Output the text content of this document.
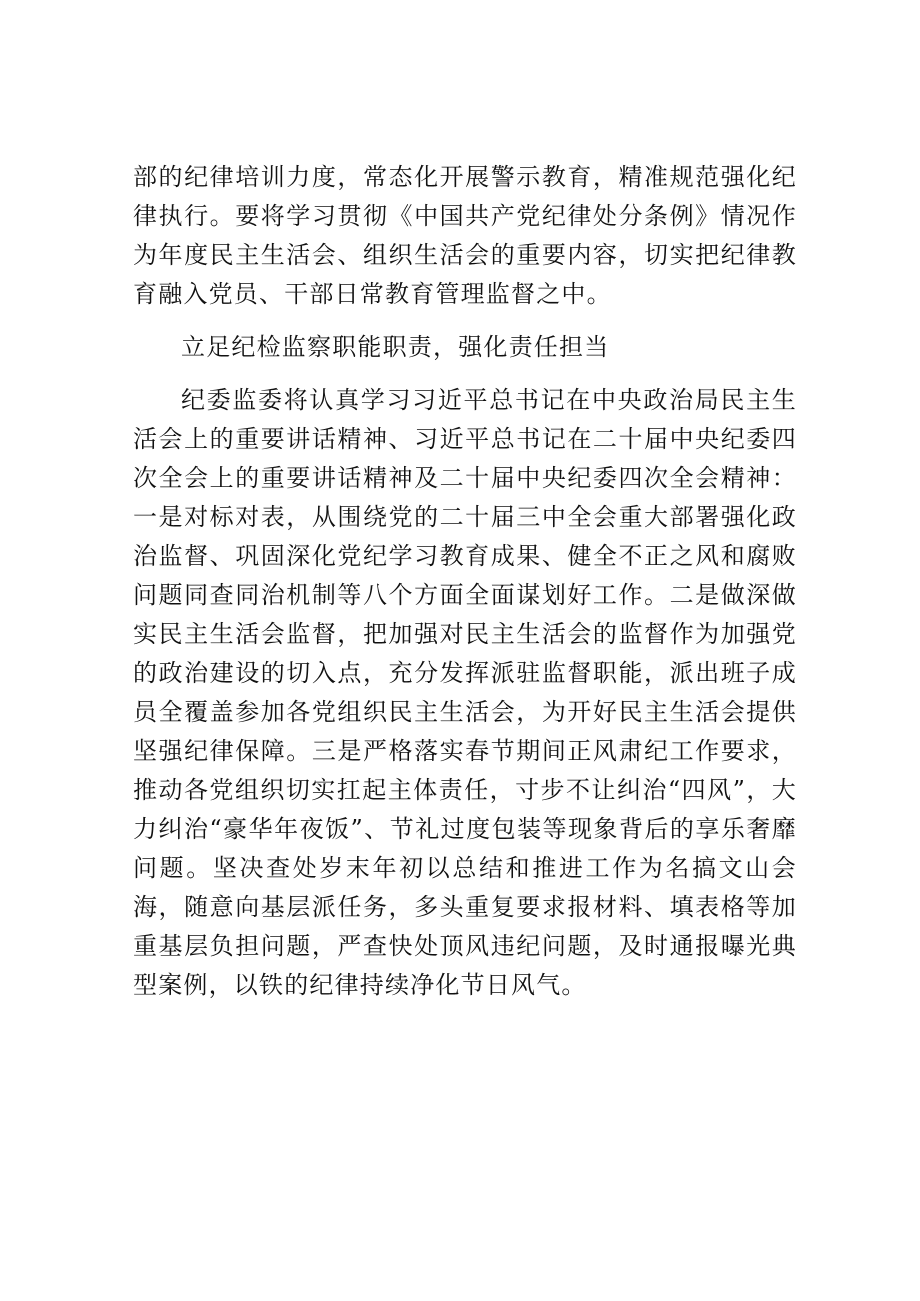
部的纪律培训力度，常态化开展警示教育，精准规范强化纪律执行。要将学习贯彻《中国共产党纪律处分条例》情况作为年度民主生活会、组织生活会的重要内容，切实把纪律教育融入党员、干部日常教育管理监督之中。

立足纪检监察职能职责，强化责任担当

纪委监委将认真学习习近平总书记在中央政治局民主生活会上的重要讲话精神、习近平总书记在二十届中央纪委四次全会上的重要讲话精神及二十届中央纪委四次全会精神：一是对标对表，从围绕党的二十届三中全会重大部署强化政治监督、巩固深化党纪学习教育成果、健全不正之风和腐败问题同查同治机制等八个方面全面谋划好工作。二是做深做实民主生活会监督，把加强对民主生活会的监督作为加强党的政治建设的切入点，充分发挥派驻监督职能，派出班子成员全覆盖参加各党组织民主生活会，为开好民主生活会提供坚强纪律保障。三是严格落实春节期间正风肃纪工作要求，推动各党组织切实扛起主体责任，寸步不让纠治“四风”，大力纠治“豪华年夜饭”、节礼过度包装等现象背后的享乐奢靡问题。坚决查处岁末年初以总结和推进工作为名搞文山会海，随意向基层派任务，多头重复要求报材料、填表格等加重基层负担问题，严查快处顶风违纪问题，及时通报曝光典型案例，以铁的纪律持续净化节日风气。
